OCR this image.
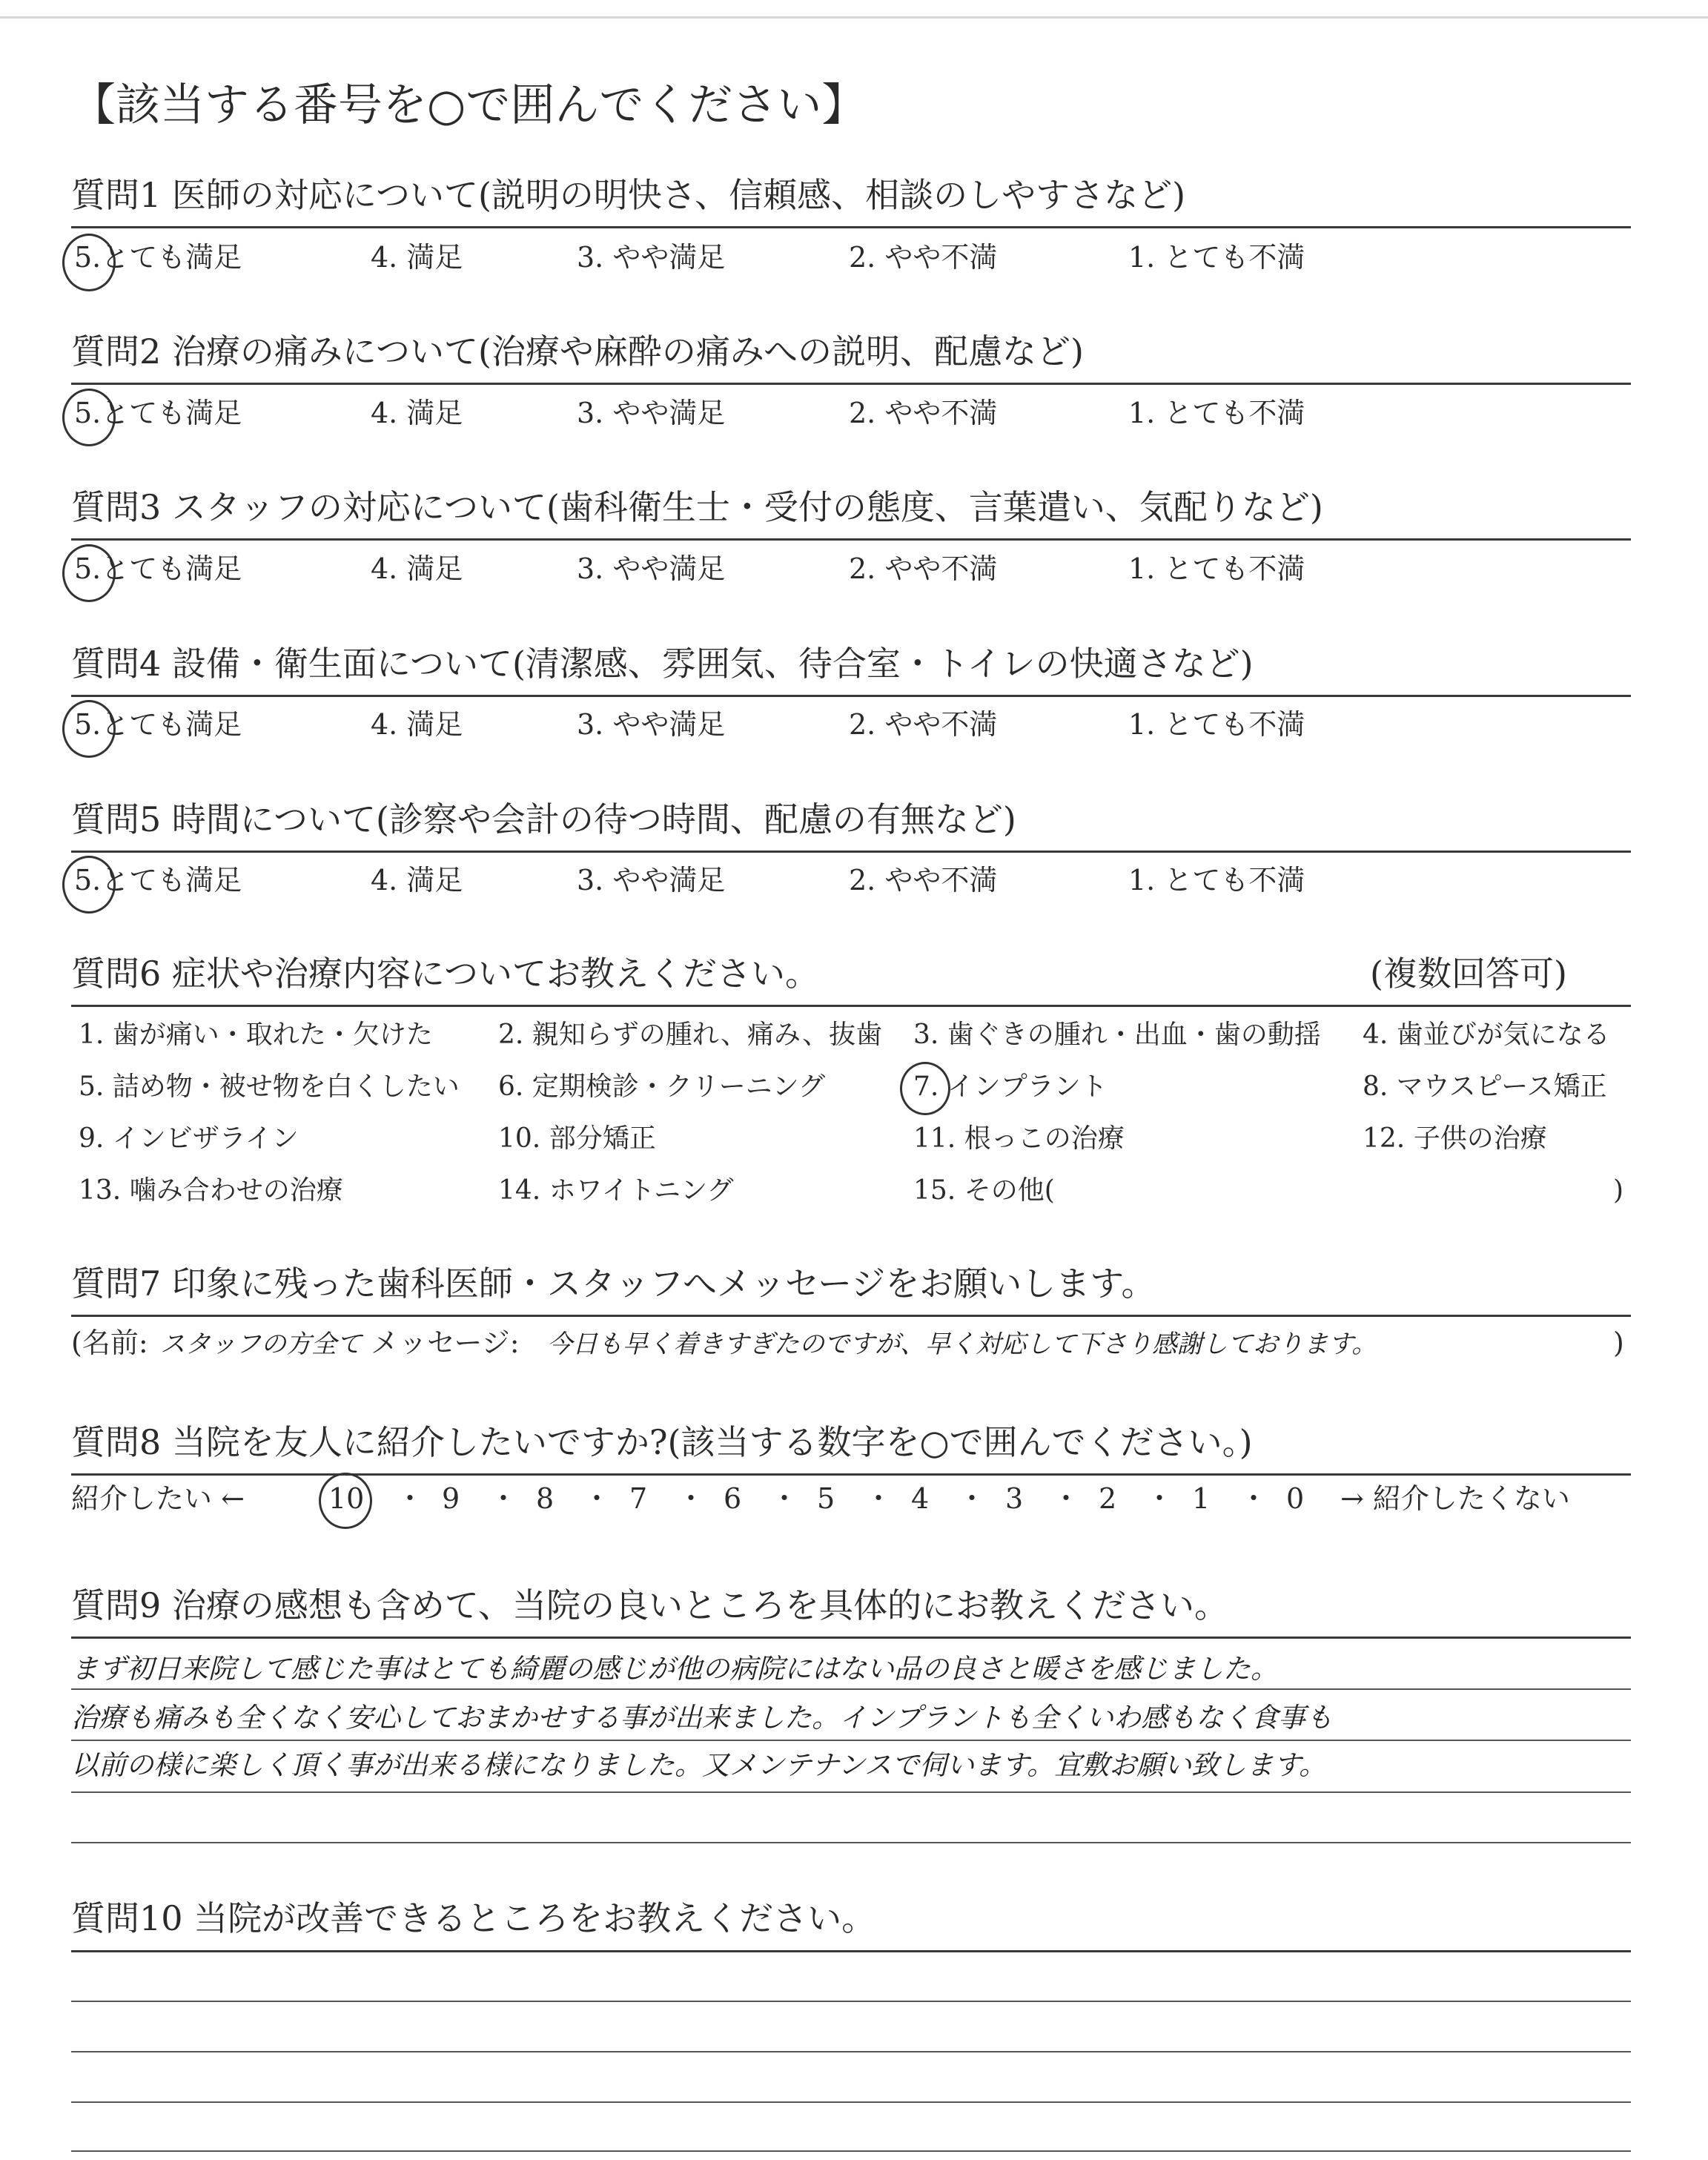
【該当する番号を○で囲んでください】
質問1 医師の対応について(説明の明快さ、信頼感、相談のしやすさなど)
5.とても満足	4. 満足	3. やや満足	2. やや不満	1. とても不満
質問2 治療の痛みについて(治療や麻酔の痛みへの説明、配慮など)
5.とても満足	4. 満足	3. やや満足	2. やや不満	1. とても不満
質問3 スタッフの対応について(歯科衛生士・受付の態度、言葉遣い、気配りなど)
5.とても満足	4. 満足	3. やや満足	2. やや不満	1. とても不満
質問4 設備・衛生面について(清潔感、雰囲気、待合室・トイレの快適さなど)
5.とても満足	4. 満足	3. やや満足	2. やや不満	1. とても不満
質問5 時間について(診察や会計の待つ時間、配慮の有無など)
5.とても満足	4. 満足	3. やや満足	2. やや不満	1. とても不満
質問6 症状や治療内容についてお教えください。	(複数回答可)
1. 歯が痛い・取れた・欠けた 2. 親知らずの腫れ、痛み、抜歯 3. 歯ぐきの腫れ・出血・歯の動揺 4. 歯並びが気になる
5. 詰め物・被せ物を白くしたい 6. 定期検診・クリーニング	7. インプラント	8. マウスピース矯正
9. インビザライン	10. 部分矯正	11. 根っこの治療	12. 子供の治療
13. 噛み合わせの治療	14. ホワイトニング	15. その他(	)
質問7 印象に残った歯科医師・スタッフへメッセージをお願いします。
(名前: スタッフの方全て メッセージ: 今日も早く着きすぎたのですが、早く対応して下さり感謝しております。	)
質問8 当院を友人に紹介したいですか?(該当する数字を○で囲んでください。)
紹介したい ←	10 ・ 9 ・ 8 ・ 7 ・ 6 ・ 5 ・ 4 ・ 3 ・ 2 ・ 1 ・ 0 → 紹介したくない
質問9 治療の感想も含めて、当院の良いところを具体的にお教えください。
まず初日来院して感じた事はとても綺麗の感じが他の病院にはない品の良さと暖さを感じました。
治療も痛みも全くなく安心しておまかせする事が出来ました。インプラントも全くいわ感もなく食事も
以前の様に楽しく頂く事が出来る様になりました。又メンテナンスで伺います。宜敷お願い致します。
質問10 当院が改善できるところをお教えください。
